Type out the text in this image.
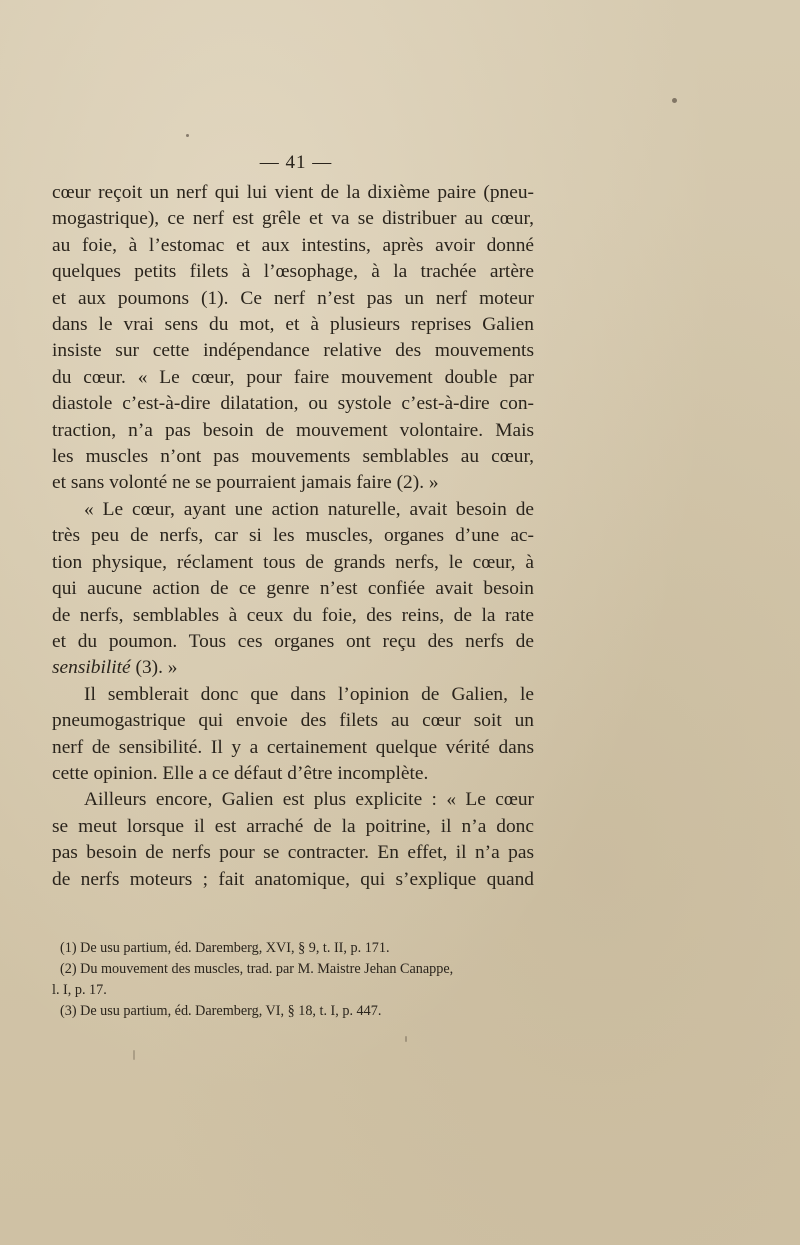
— 41 —
cœur reçoit un nerf qui lui vient de la dixième paire (pneu-
mogastrique), ce nerf est grêle et va se distribuer au cœur,
au foie, à l’estomac et aux intestins, après avoir donné
quelques petits filets à l’œsophage, à la trachée artère
et aux poumons (1). Ce nerf n’est pas un nerf moteur
dans le vrai sens du mot, et à plusieurs reprises Galien
insiste sur cette indépendance relative des mouvements
du cœur. « Le cœur, pour faire mouvement double par
diastole c’est-à-dire dilatation, ou systole c’est-à-dire con-
traction, n’a pas besoin de mouvement volontaire. Mais
les muscles n’ont pas mouvements semblables au cœur,
et sans volonté ne se pourraient jamais faire (2). »
« Le cœur, ayant une action naturelle, avait besoin de
très peu de nerfs, car si les muscles, organes d’une ac-
tion physique, réclament tous de grands nerfs, le cœur, à
qui aucune action de ce genre n’est confiée avait besoin
de nerfs, semblables à ceux du foie, des reins, de la rate
et du poumon. Tous ces organes ont reçu des nerfs de
sensibilité (3). »
Il semblerait donc que dans l’opinion de Galien, le
pneumogastrique qui envoie des filets au cœur soit un
nerf de sensibilité. Il y a certainement quelque vérité dans
cette opinion. Elle a ce défaut d’être incomplète.
Ailleurs encore, Galien est plus explicite : « Le cœur
se meut lorsque il est arraché de la poitrine, il n’a donc
pas besoin de nerfs pour se contracter. En effet, il n’a pas
de nerfs moteurs ; fait anatomique, qui s’explique quand
(1) De usu partium, éd. Daremberg, XVI, § 9, t. II, p. 171.
(2) Du mouvement des muscles, trad. par M. Maistre Jehan Canappe,
l. I, p. 17.
(3) De usu partium, éd. Daremberg, VI, § 18, t. I, p. 447.
